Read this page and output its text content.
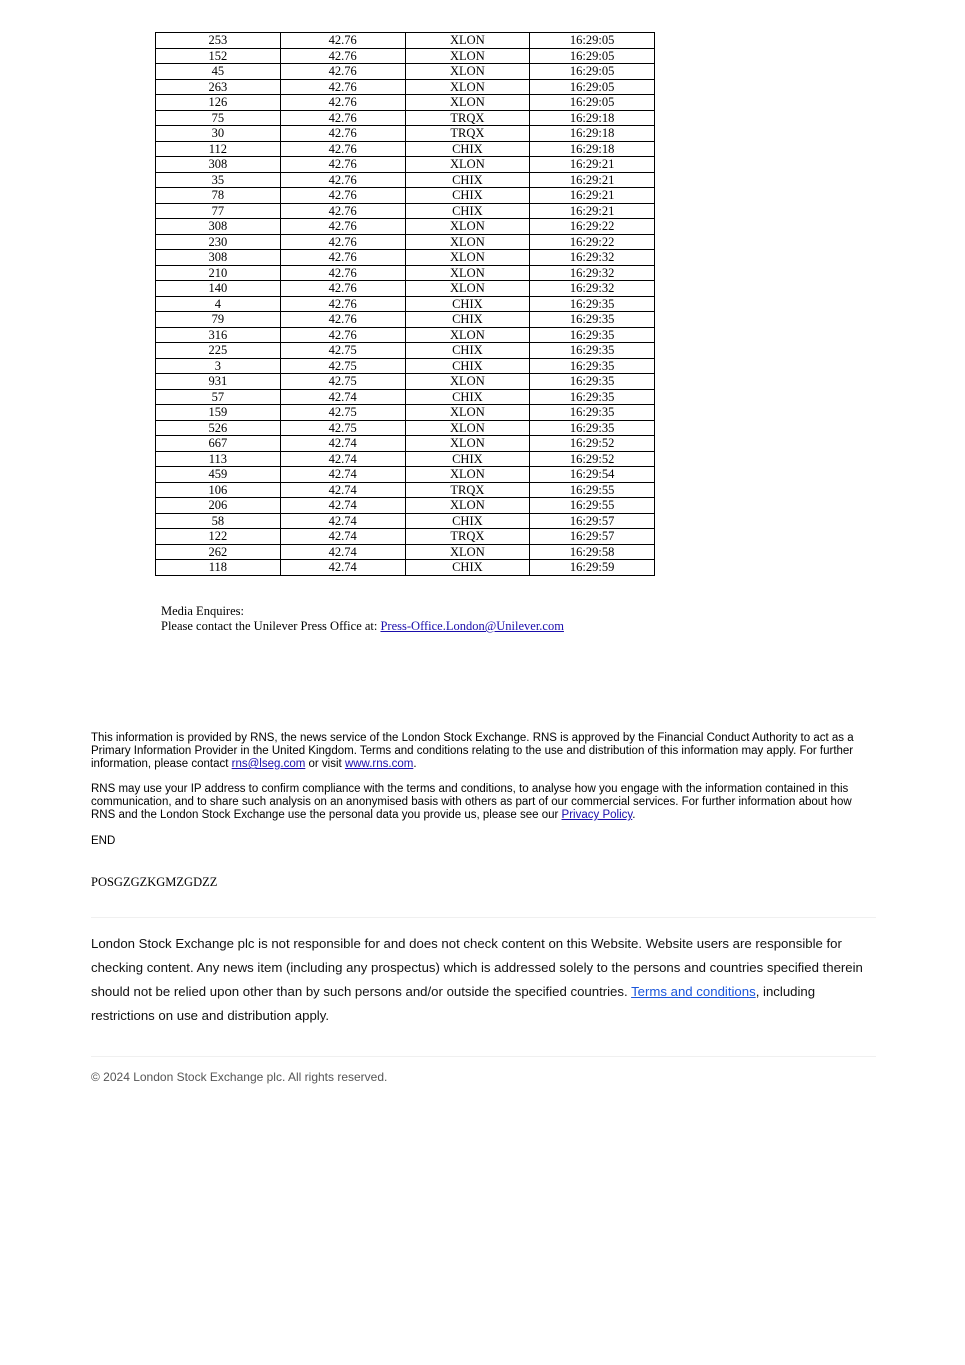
253	42.76	XLON	16:29:05
152	42.76	XLON	16:29:05
45	42.76	XLON	16:29:05
263	42.76	XLON	16:29:05
126	42.76	XLON	16:29:05
75	42.76	TRQX	16:29:18
30	42.76	TRQX	16:29:18
112	42.76	CHIX	16:29:18
308	42.76	XLON	16:29:21
35	42.76	CHIX	16:29:21
78	42.76	CHIX	16:29:21
77	42.76	CHIX	16:29:21
308	42.76	XLON	16:29:22
230	42.76	XLON	16:29:22
308	42.76	XLON	16:29:32
210	42.76	XLON	16:29:32
140	42.76	XLON	16:29:32
4	42.76	CHIX	16:29:35
79	42.76	CHIX	16:29:35
316	42.76	XLON	16:29:35
225	42.75	CHIX	16:29:35
3	42.75	CHIX	16:29:35
931	42.75	XLON	16:29:35
57	42.74	CHIX	16:29:35
159	42.75	XLON	16:29:35
526	42.75	XLON	16:29:35
667	42.74	XLON	16:29:52
113	42.74	CHIX	16:29:52
459	42.74	XLON	16:29:54
106	42.74	TRQX	16:29:55
206	42.74	XLON	16:29:55
58	42.74	CHIX	16:29:57
122	42.74	TRQX	16:29:57
262	42.74	XLON	16:29:58
118	42.74	CHIX	16:29:59
Media Enquires:
Please contact the Unilever Press Office at: Press-Office.London@Unilever.com
This information is provided by RNS, the news service of the London Stock Exchange. RNS is approved by the Financial Conduct Authority to act as a Primary Information Provider in the United Kingdom. Terms and conditions relating to the use and distribution of this information may apply. For further information, please contact rns@lseg.com or visit www.rns.com.
RNS may use your IP address to confirm compliance with the terms and conditions, to analyse how you engage with the information contained in this communication, and to share such analysis on an anonymised basis with others as part of our commercial services. For further information about how RNS and the London Stock Exchange use the personal data you provide us, please see our Privacy Policy.
END
POSGZGZKGMZGDZZ
London Stock Exchange plc is not responsible for and does not check content on this Website. Website users are responsible for checking content. Any news item (including any prospectus) which is addressed solely to the persons and countries specified therein should not be relied upon other than by such persons and/or outside the specified countries. Terms and conditions, including restrictions on use and distribution apply.
© 2024 London Stock Exchange plc. All rights reserved.
